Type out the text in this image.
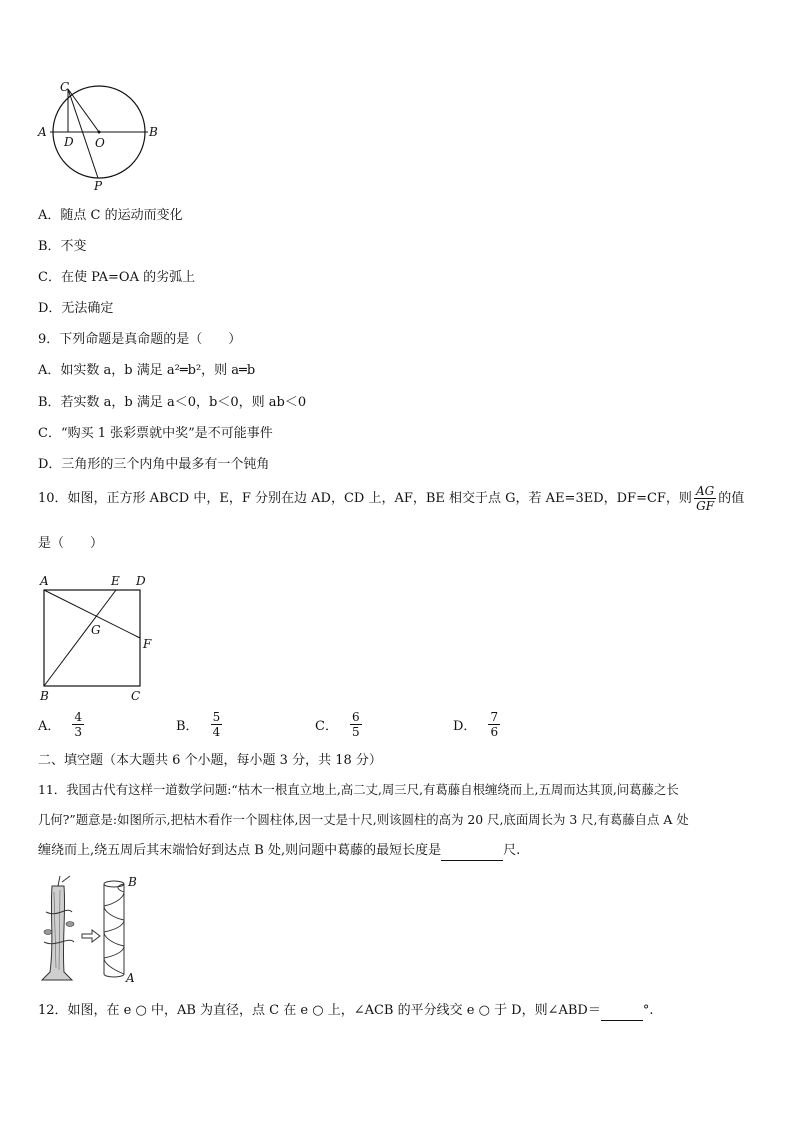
C
A	B
D O
P
A．随点 C 的运动而变化
B．不变
C．在使 PA=OA 的劣弧上
D．无法确定
9．下列命题是真命题的是（　　）
A．如实数 a，b 满足 a²═b²，则 a═b
B．若实数 a，b 满足 a＜0，b＜0，则 ab＜0
C．“购买 1 张彩票就中奖”是不可能事件
D．三角形的三个内角中最多有一个钝角
10．如图，正方形 ABCD 中，E，F 分别在边 AD，CD 上，AF，BE 相交于点 G，若 AE=3ED，DF=CF，则 $\frac{AG}{GF}$ 的值
是（　　）
A	E D
G
F
B	C
A． $\frac{4}{3}$	B． $\frac{5}{4}$	C． $\frac{6}{5}$	D． $\frac{7}{6}$
二、填空题（本大题共 6 个小题，每小题 3 分，共 18 分）
11．我国古代有这样一道数学问题:“枯木一根直立地上,高二丈,周三尺,有葛藤自根缠绕而上,五周而达其顶,问葛藤之长
几何?”题意是:如图所示,把枯木看作一个圆柱体,因一丈是十尺,则该圆柱的高为 20 尺,底面周长为 3 尺,有葛藤自点 A 处
缠绕而上,绕五周后其末端恰好到达点 B 处,则问题中葛藤的最短长度是	尺.
B
A
12．如图，在 e ○ 中，AB 为直径，点 C 在 e ○ 上，∠ACB 的平分线交 e ○ 于 D，则∠ABD＝	°.
